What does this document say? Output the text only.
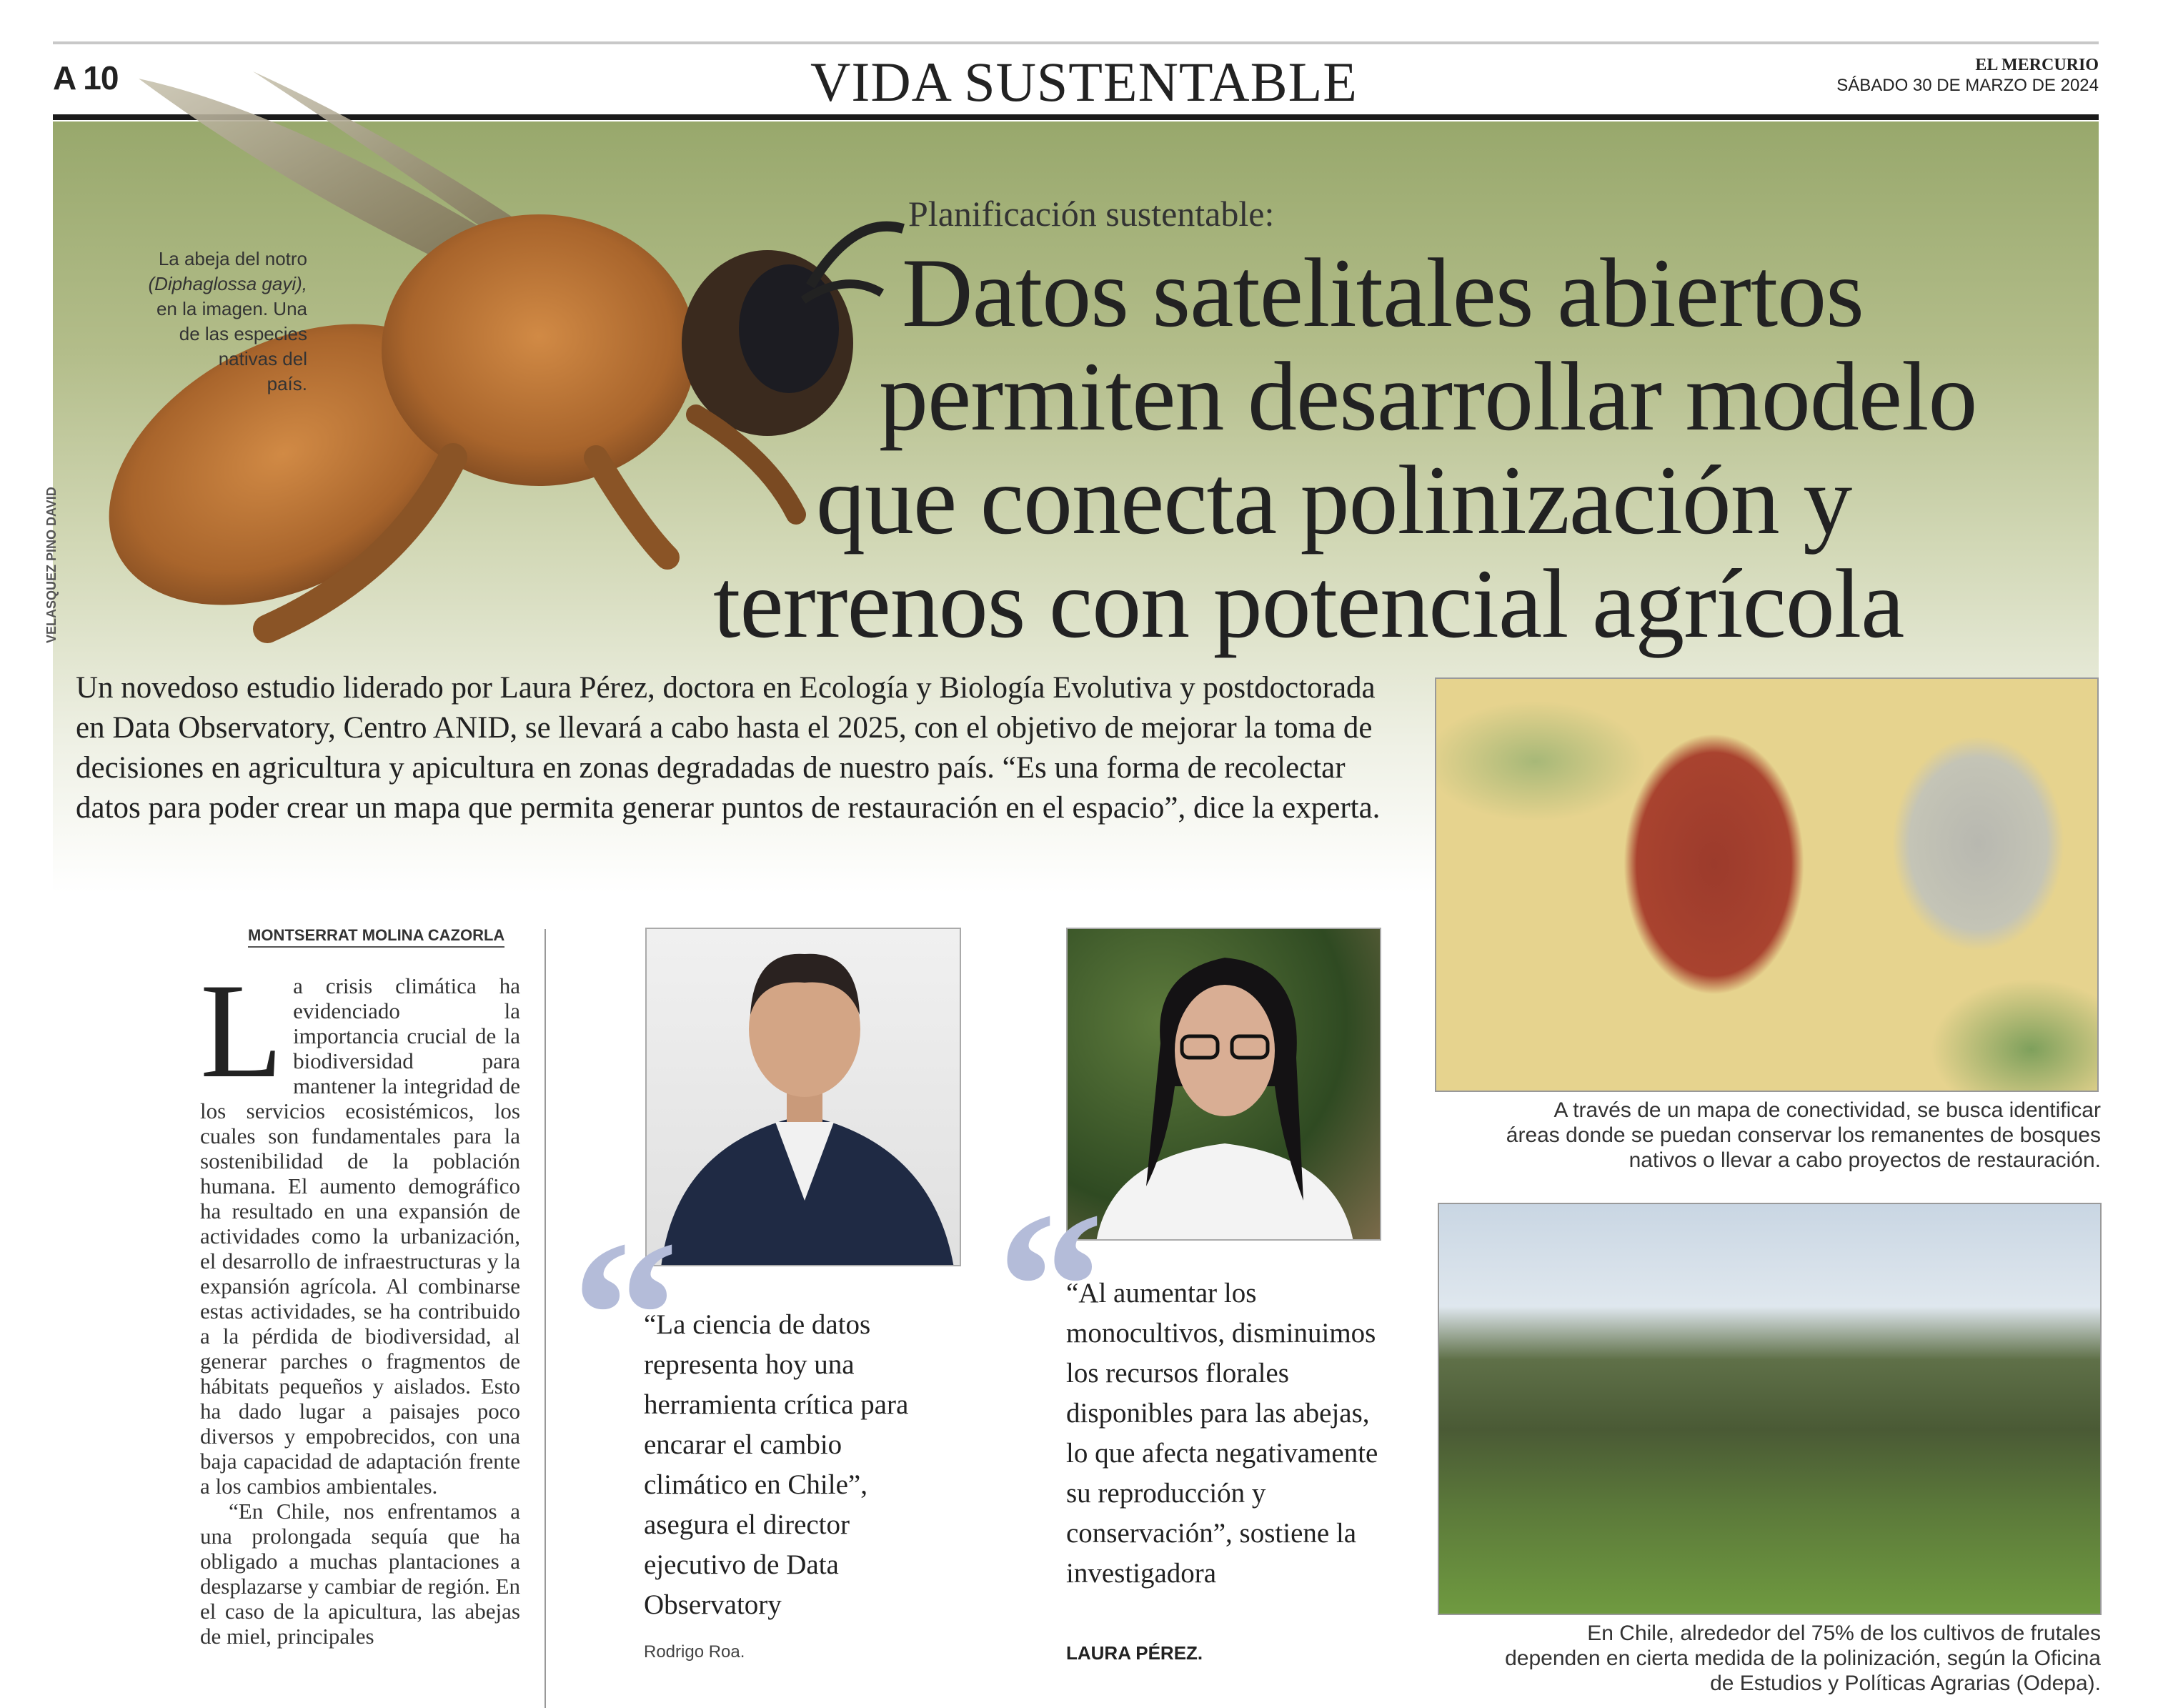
A 10	VIDA SUSTENTABLE	EL MERCURIO
SÁBADO 30 DE MARZO DE 2024
La abeja del notro
(Diphaglossa gayi),
en la imagen. Una
de las especies
nativas del
país.
VELASQUEZ PINO DAVID
Planificación sustentable:
Datos satelitales abiertos
permiten desarrollar modelo
que conecta polinización y
terrenos con potencial agrícola
Un novedoso estudio liderado por Laura Pérez, doctora en Ecología y Biología Evolutiva y postdoctorada en Data Observatory, Centro ANID, se llevará a cabo hasta el 2025, con el objetivo de mejorar la toma de decisiones en agricultura y apicultura en zonas degradadas de nuestro país. “Es una forma de recolectar datos para poder crear un mapa que permita generar puntos de restauración en el espacio”, dice la experta.
A través de un mapa de conectividad, se busca identificar áreas donde se puedan conservar los remanentes de bosques nativos o llevar a cabo proyectos de restauración.
En Chile, alrededor del 75% de los cultivos de frutales dependen en cierta medida de la polinización, según la Oficina de Estudios y Políticas Agrarias (Odepa).
MONTSERRAT MOLINA CAZORLA

La crisis climática ha evidenciado la importancia crucial de la biodiversidad para mantener la integridad de los servicios ecosistémicos, los cuales son fundamentales para la sostenibilidad de la población humana. El aumento demográfico ha resultado en una expansión de actividades como la urbanización, el desarrollo de infraestructuras y la expansión agrícola. Al combinarse estas actividades, se ha contribuido a la pérdida de biodiversidad, al generar parches o fragmentos de hábitats pequeños y aislados. Esto ha dado lugar a paisajes poco diversos y empobrecidos, con una baja capacidad de adaptación frente a los cambios ambientales.

“En Chile, nos enfrentamos a una prolongada sequía que ha obligado a muchas plantaciones a desplazarse y cambiar de región. En el caso de la apicultura, las abejas de miel, principales

“
“La ciencia de datos representa hoy una herramienta crítica para encarar el cambio climático en Chile”, asegura el director ejecutivo de Data Observatory
Rodrigo Roa.
“
“Al aumentar los monocultivos, disminuimos los recursos florales disponibles para las abejas, lo que afecta negativamente su reproducción y conservación”, sostiene la investigadora
LAURA PÉREZ.
